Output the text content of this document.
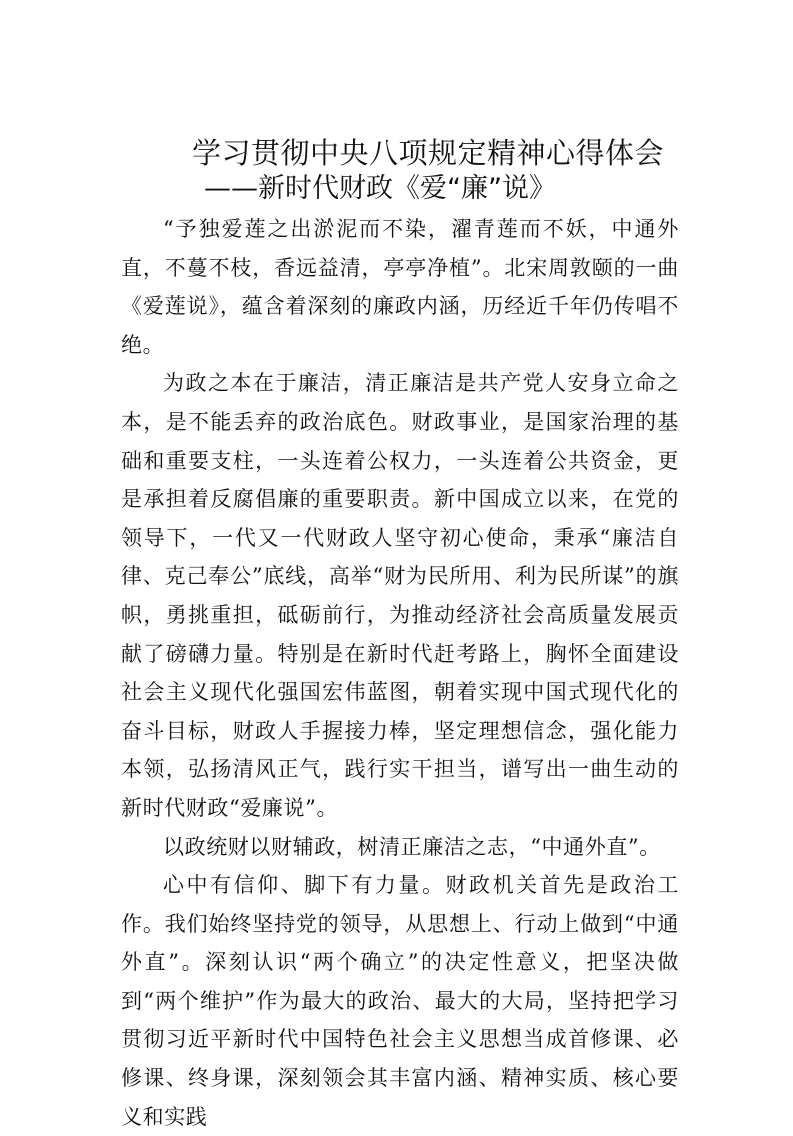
学习贯彻中央八项规定精神心得体会
——新时代财政《爱“廉”说》

“予独爱莲之出淤泥而不染，濯青莲而不妖，中通外直，不蔓不枝，香远益清，亭亭净植”。北宋周敦颐的一曲《爱莲说》，蕴含着深刻的廉政内涵，历经近千年仍传唱不绝。

为政之本在于廉洁，清正廉洁是共产党人安身立命之本，是不能丢弃的政治底色。财政事业，是国家治理的基础和重要支柱，一头连着公权力，一头连着公共资金，更是承担着反腐倡廉的重要职责。新中国成立以来，在党的领导下，一代又一代财政人坚守初心使命，秉承“廉洁自律、克己奉公”底线，高举“财为民所用、利为民所谋”的旗帜，勇挑重担，砥砺前行，为推动经济社会高质量发展贡献了磅礴力量。特别是在新时代赶考路上，胸怀全面建设社会主义现代化强国宏伟蓝图，朝着实现中国式现代化的奋斗目标，财政人手握接力棒，坚定理想信念，强化能力本领，弘扬清风正气，践行实干担当，谱写出一曲生动的新时代财政“爱廉说”。

以政统财以财辅政，树清正廉洁之志，“中通外直”。

心中有信仰、脚下有力量。财政机关首先是政治工作。我们始终坚持党的领导，从思想上、行动上做到“中通外直”。深刻认识“两个确立”的决定性意义，把坚决做到“两个维护”作为最大的政治、最大的大局，坚持把学习贯彻习近平新时代中国特色社会主义思想当成首修课、必修课、终身课，深刻领会其丰富内涵、精神实质、核心要义和实践
